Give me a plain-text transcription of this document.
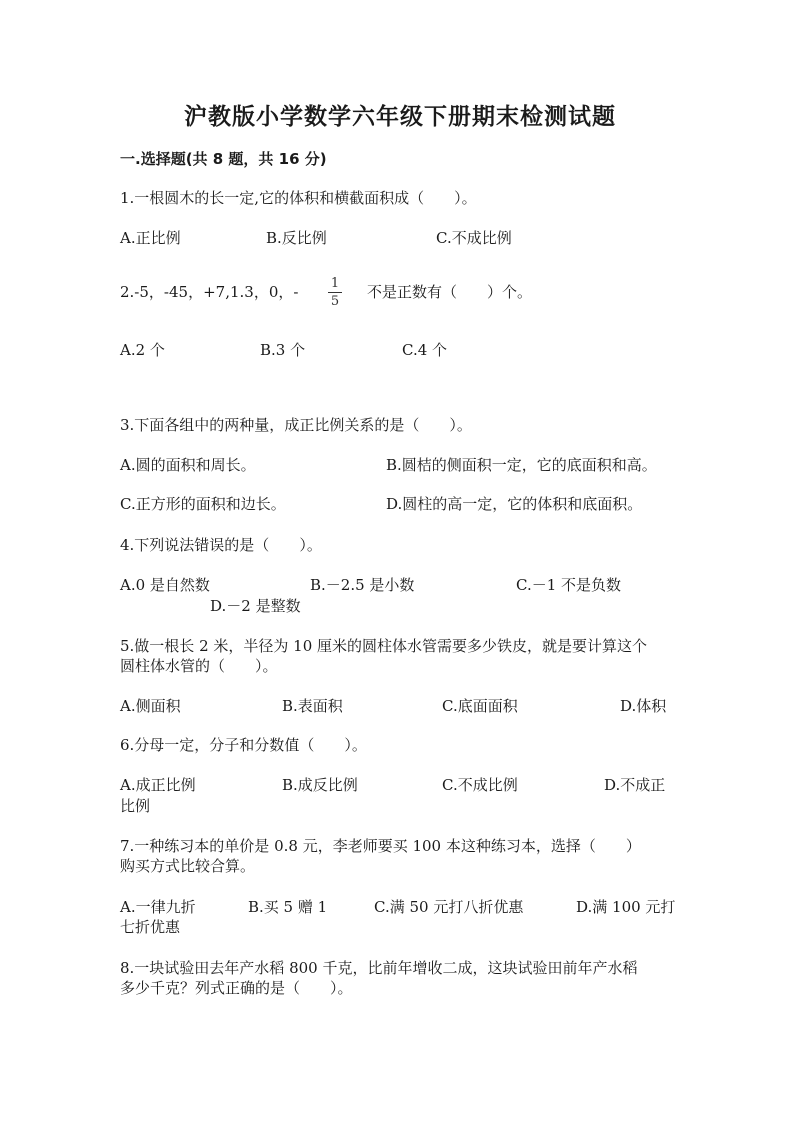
沪教版小学数学六年级下册期末检测试题
一.选择题(共 8 题，共 16 分)
1.一根圆木的长一定,它的体积和横截面积成（　　）。
A.正比例	B.反比例	C.不成比例
2.-5，-45，+7,1.3，0，-	1
5
不是正数有（　　）个。
A.2 个	B.3 个	C.4 个
3.下面各组中的两种量，成正比例关系的是（　　）。
A.圆的面积和周长。	B.圆桔的侧面积一定，它的底面积和高。
C.正方形的面积和边长。	D.圆柱的高一定，它的体积和底面积。
4.下列说法错误的是（　　）。
A.0 是自然数	B.－2.5 是小数	C.－1 不是负数
D.－2 是整数
5.做一根长 2 米，半径为 10 厘米的圆柱体水管需要多少铁皮，就是要计算这个
圆柱体水管的（　　）。
A.侧面积	B.表面积	C.底面面积	D.体积
6.分母一定，分子和分数值（　　）。
A.成正比例	B.成反比例	C.不成比例	D.不成正
比例
7.一种练习本的单价是 0.8 元，李老师要买 100 本这种练习本，选择（　　）
购买方式比较合算。
A.一律九折	B.买 5 赠 1	C.满 50 元打八折优惠	D.满 100 元打
七折优惠
8.一块试验田去年产水稻 800 千克，比前年增收二成，这块试验田前年产水稻
多少千克？列式正确的是（　　）。
